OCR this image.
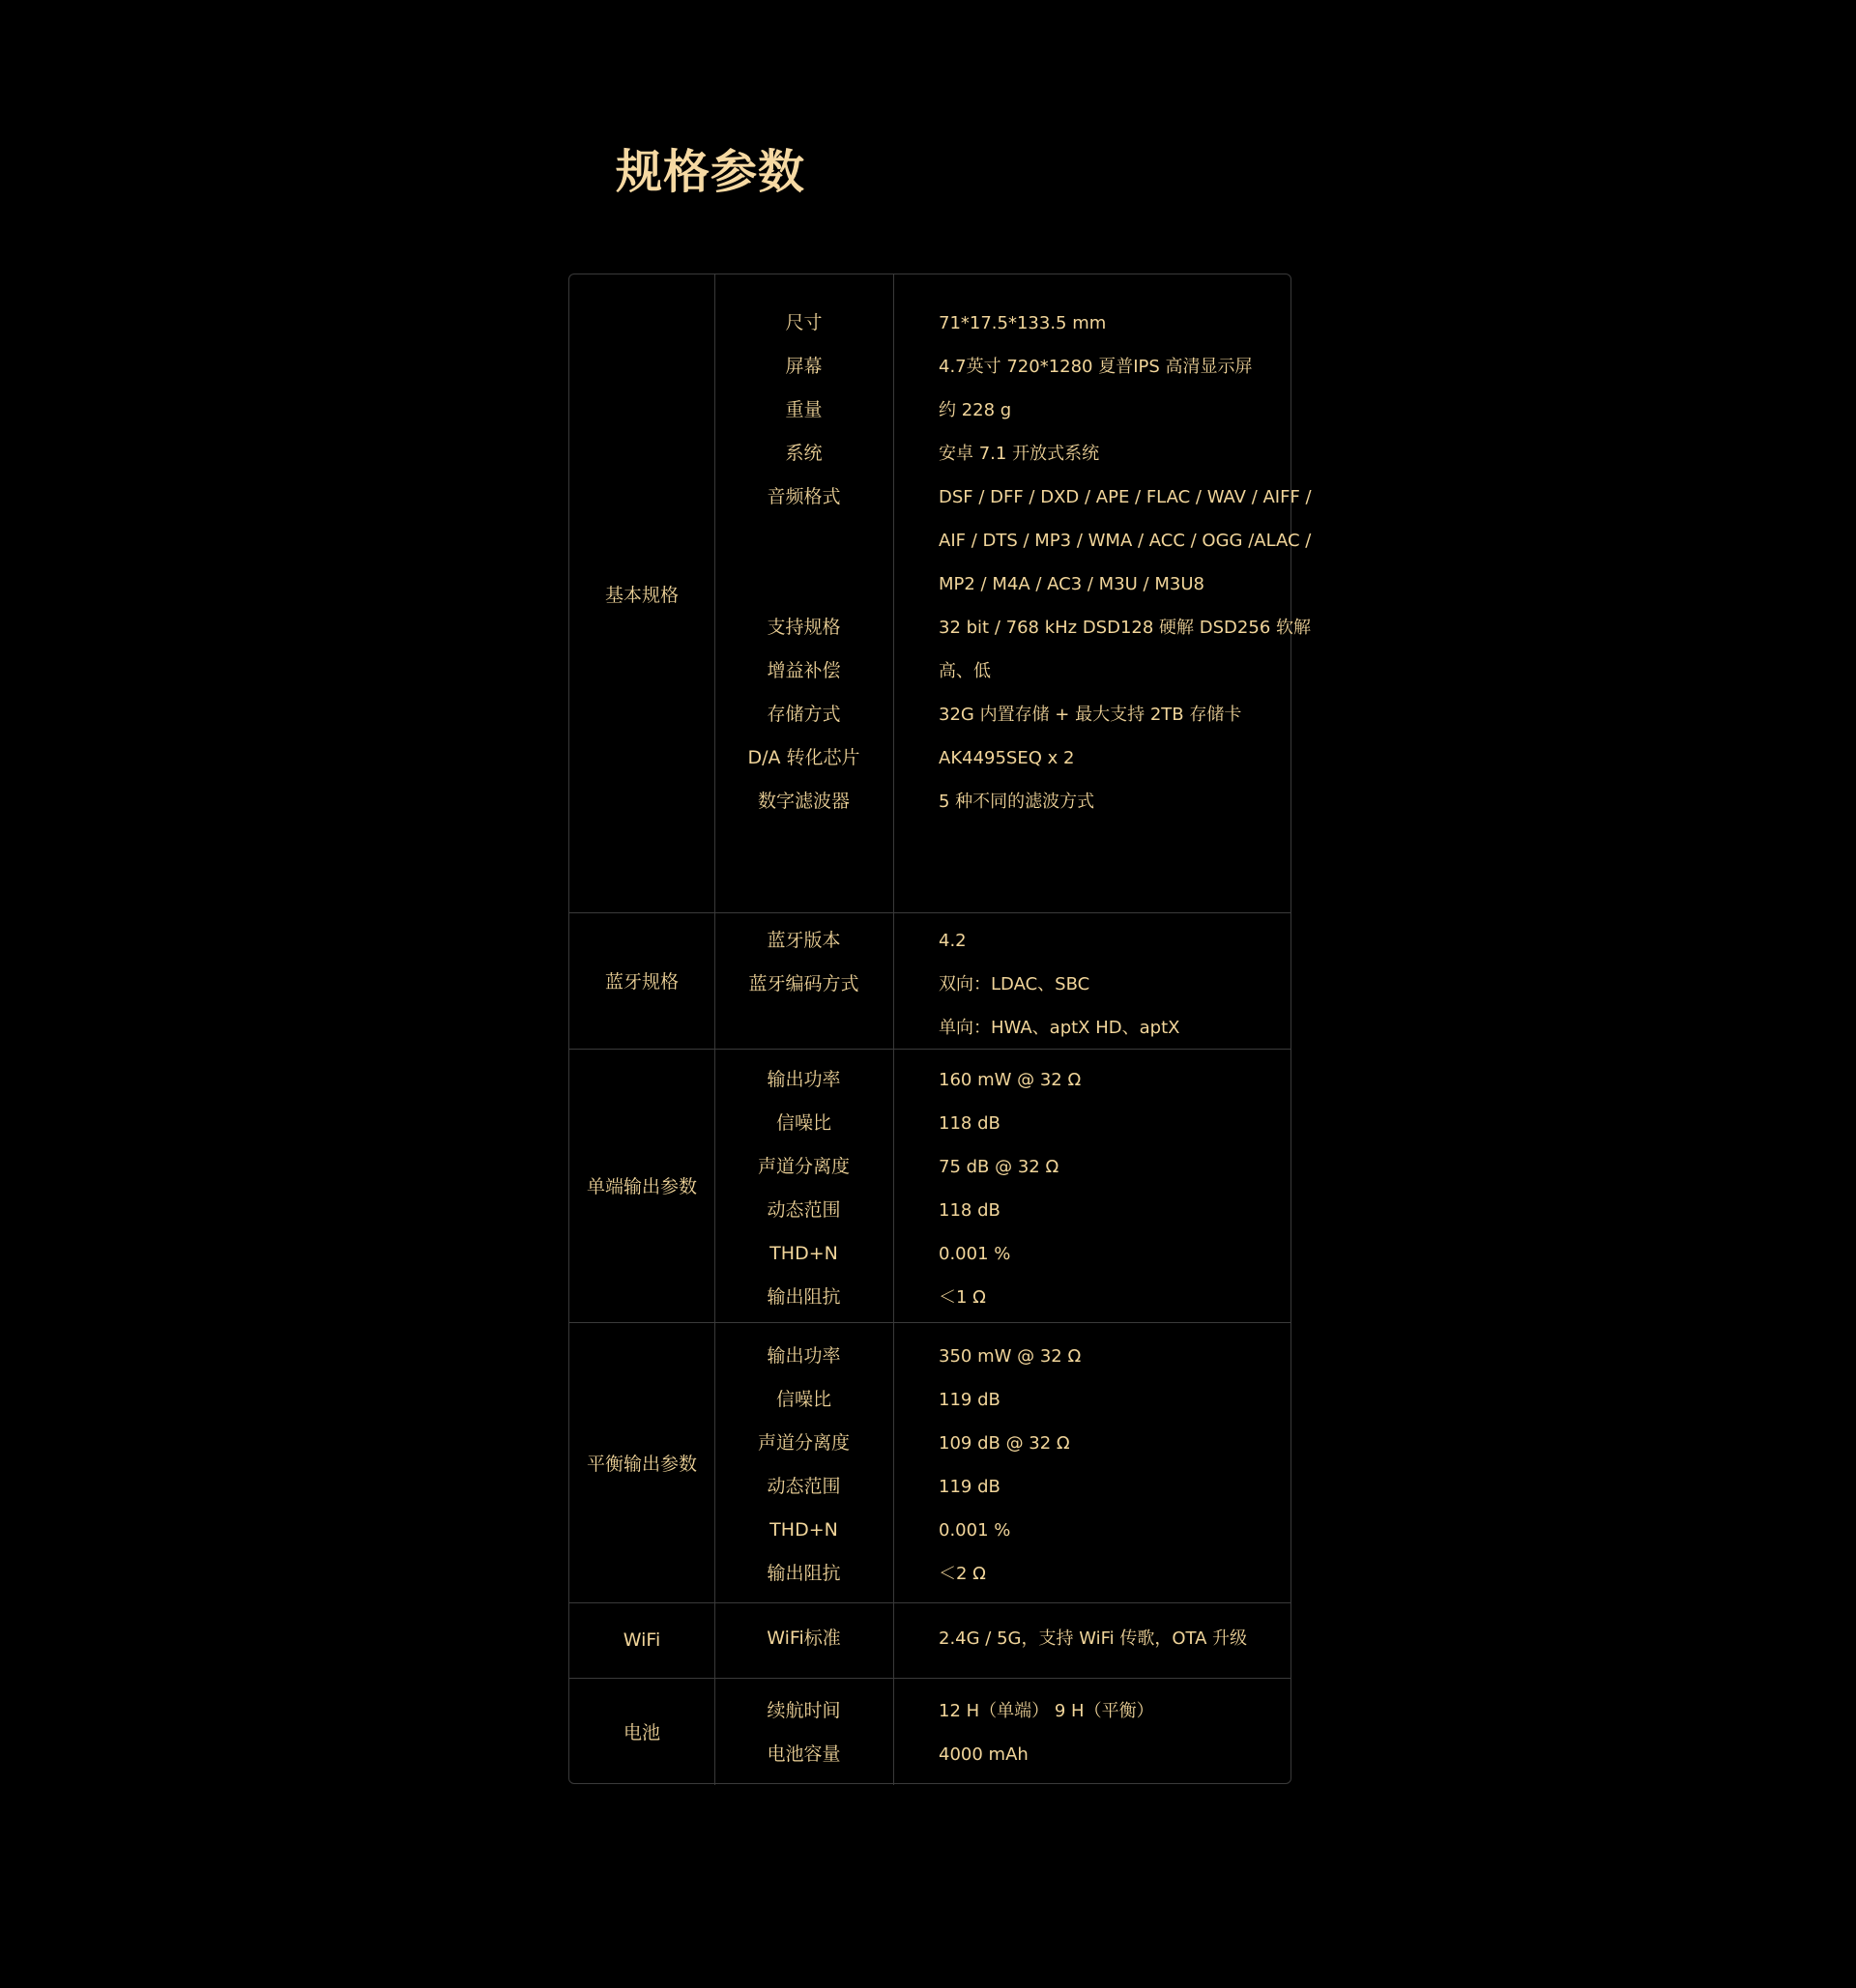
规格参数
基本规格
尺寸	71*17.5*133.5 mm
屏幕	4.7英寸 720*1280 夏普IPS 高清显示屏
重量	约 228 g
系统	安卓 7.1 开放式系统
音频格式	DSF / DFF / DXD / APE / FLAC / WAV / AIFF /
AIF / DTS / MP3 / WMA / ACC / OGG /ALAC /
MP2 / M4A / AC3 / M3U / M3U8
支持规格	32 bit / 768 kHz DSD128 硬解 DSD256 软解
增益补偿	高、低
存储方式	32G 内置存储 + 最大支持 2TB 存储卡
D/A 转化芯片	AK4495SEQ x 2
数字滤波器	5 种不同的滤波方式
蓝牙规格
蓝牙版本	4.2
蓝牙编码方式	双向：LDAC、SBC
单向：HWA、aptX HD、aptX
单端输出参数
输出功率	160 mW @ 32 Ω
信噪比	118 dB
声道分离度	75 dB @ 32 Ω
动态范围	118 dB
THD+N	0.001 %
输出阻抗	＜1 Ω
平衡输出参数
输出功率	350 mW @ 32 Ω
信噪比	119 dB
声道分离度	109 dB @ 32 Ω
动态范围	119 dB
THD+N	0.001 %
输出阻抗	＜2 Ω
WiFi	WiFi标准	2.4G / 5G，支持 WiFi 传歌，OTA 升级
电池
续航时间	12 H（单端） 9 H（平衡）
电池容量	4000 mAh
